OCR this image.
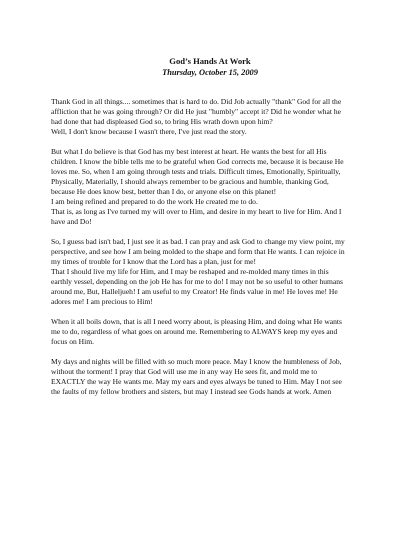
God’s Hands At Work
Thursday, October 15, 2009
Thank God in all things.... sometimes that is hard to do. Did Job actually "thank" God for all the
affliction that he was going through? Or did He just "humbly" accept it? Did he wonder what he
had done that had displeased God so, to bring His wrath down upon him?
Well, I don't know because I wasn't there, I've just read the story.
But what I do believe is that God has my best interest at heart. He wants the best for all His
children. I know the bible tells me to be grateful when God corrects me, because it is because He
loves me. So, when I am going through tests and trials. Difficult times, Emotionally, Spiritually,
Physically, Materially, I should always remember to be gracious and humble, thanking God,
because He does know best, better than I do, or anyone else on this planet!
I am being refined and prepared to do the work He created me to do.
That is, as long as I've turned my will over to Him, and desire in my heart to live for Him. And I
have and Do!
So, I guess bad isn't bad, I just see it as bad. I can pray and ask God to change my view point, my
perspective, and see how I am being molded to the shape and form that He wants. I can rejoice in
my times of trouble for I know that the Lord has a plan, just for me!
That I should live my life for Him, and I may be reshaped and re-molded many times in this
earthly vessel, depending on the job He has for me to do! I may not be so useful to other humans
around me, But, Halleljueh! I am useful to my Creator! He finds value in me! He loves me! He
adores me! I am precious to Him!
When it all boils down, that is all I need worry about, is pleasing Him, and doing what He wants
me to do, regardless of what goes on around me. Remembering to ALWAYS keep my eyes and
focus on Him.
My days and nights will be filled with so much more peace. May I know the humbleness of Job,
without the torment! I pray that God will use me in any way He sees fit, and mold me to
EXACTLY the way He wants me. May my ears and eyes always be tuned to Him. May I not see
the faults of my fellow brothers and sisters, but may I instead see Gods hands at work. Amen
